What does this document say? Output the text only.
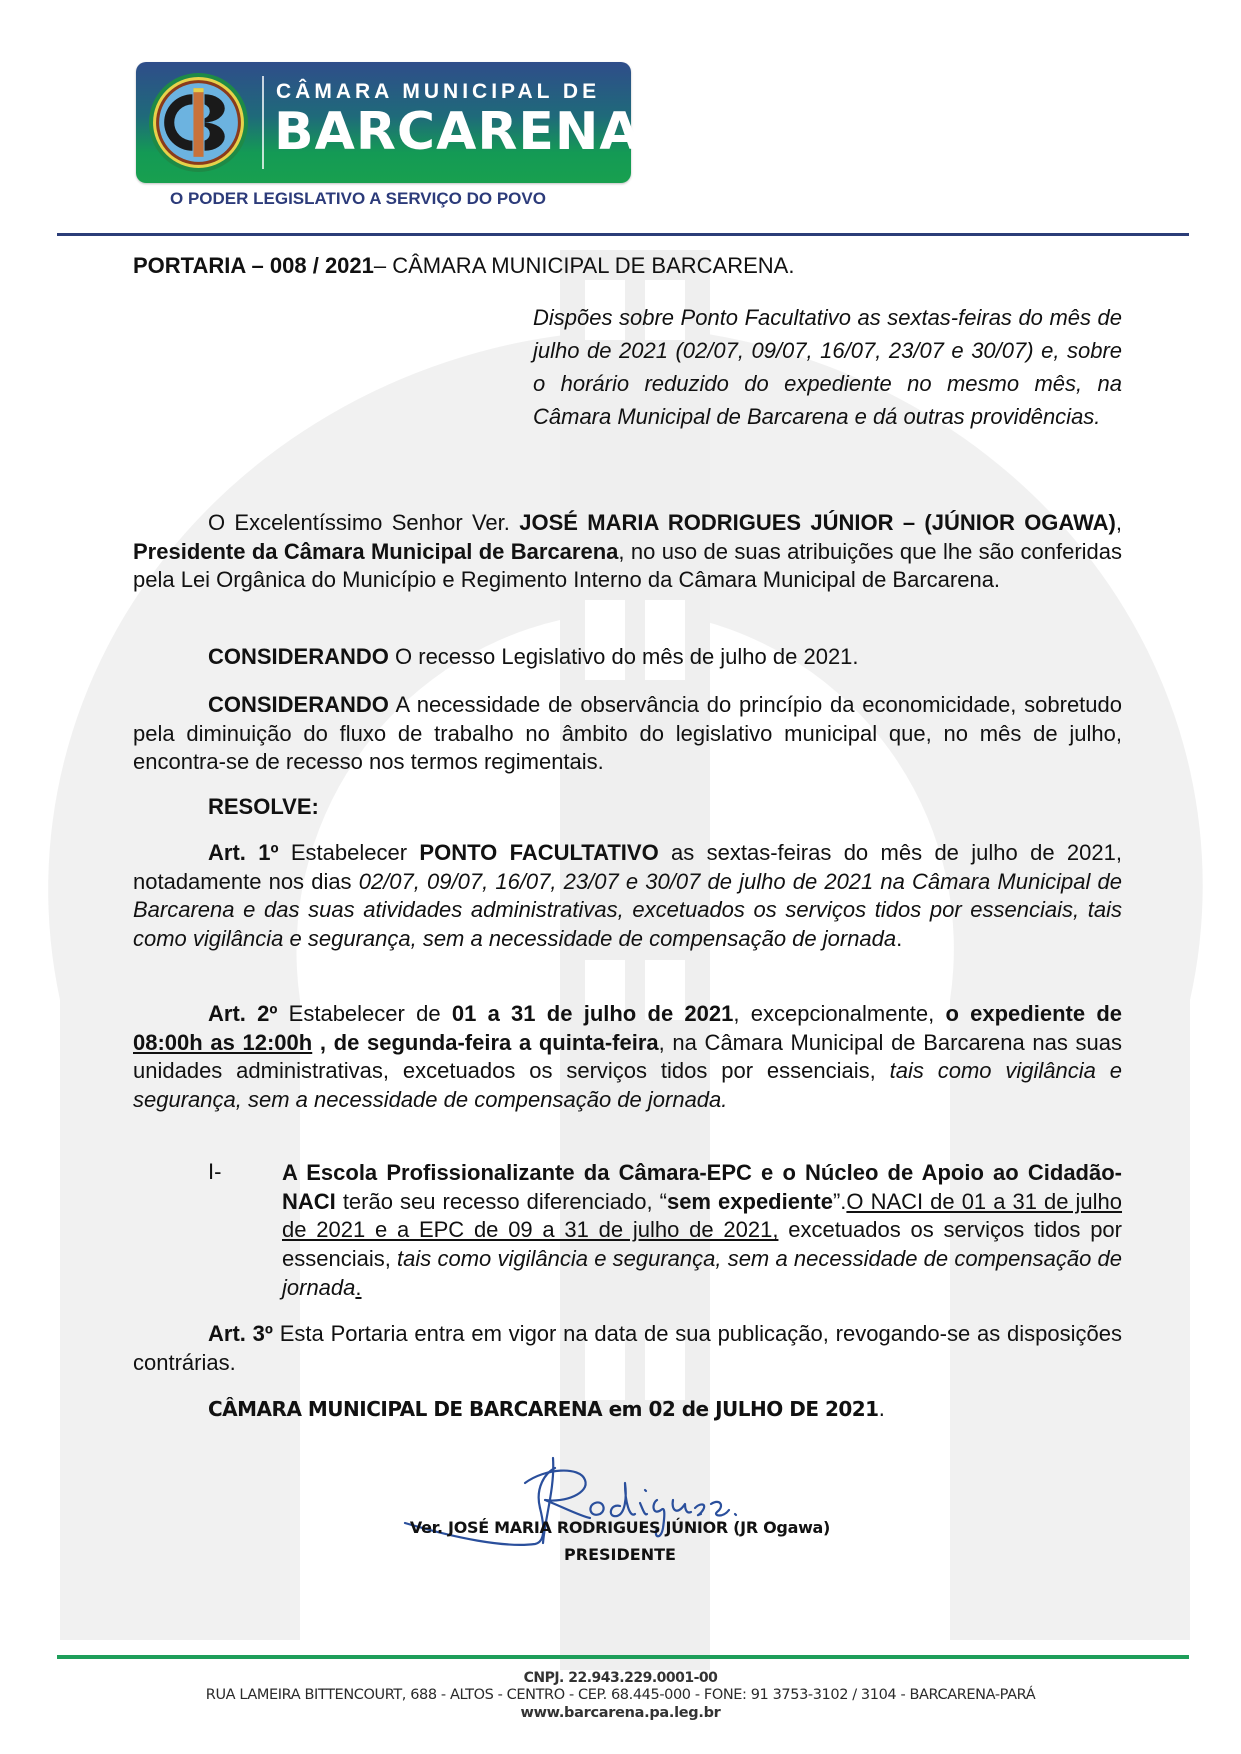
CÂMARA MUNICIPAL DE
BARCARENA
O PODER LEGISLATIVO A SERVIÇO DO POVO
PORTARIA – 008 / 2021– CÂMARA MUNICIPAL DE BARCARENA.
Dispões sobre Ponto Facultativo as sextas-feiras do mês de julho de 2021 (02/07, 09/07, 16/07, 23/07 e 30/07) e, sobre o horário reduzido do expediente no mesmo mês, na Câmara Municipal de Barcarena e dá outras providências.
O Excelentíssimo Senhor Ver. JOSÉ MARIA RODRIGUES JÚNIOR – (JÚNIOR OGAWA), Presidente da Câmara Municipal de Barcarena, no uso de suas atribuições que lhe são conferidas pela Lei Orgânica do Município e Regimento Interno da Câmara Municipal de Barcarena.
CONSIDERANDO O recesso Legislativo do mês de julho de 2021.
CONSIDERANDO A necessidade de observância do princípio da economicidade, sobretudo pela diminuição do fluxo de trabalho no âmbito do legislativo municipal que, no mês de julho, encontra-se de recesso nos termos regimentais.
RESOLVE:
Art. 1º Estabelecer PONTO FACULTATIVO as sextas-feiras do mês de julho de 2021, notadamente nos dias 02/07, 09/07, 16/07, 23/07 e 30/07 de julho de 2021 na Câmara Municipal de Barcarena e das suas atividades administrativas, excetuados os serviços tidos por essenciais, tais como vigilância e segurança, sem a necessidade de compensação de jornada.
Art. 2º Estabelecer de 01 a 31 de julho de 2021, excepcionalmente, o expediente de 08:00h as 12:00h , de segunda-feira a quinta-feira, na Câmara Municipal de Barcarena nas suas unidades administrativas, excetuados os serviços tidos por essenciais, tais como vigilância e segurança, sem a necessidade de compensação de jornada.
I-	A Escola Profissionalizante da Câmara-EPC e o Núcleo de Apoio ao Cidadão-NACI terão seu recesso diferenciado, “sem expediente”.O NACI de 01 a 31 de julho de 2021 e a EPC de 09 a 31 de julho de 2021, excetuados os serviços tidos por essenciais, tais como vigilância e segurança, sem a necessidade de compensação de jornada.
Art. 3º Esta Portaria entra em vigor na data de sua publicação, revogando-se as disposições contrárias.
CÂMARA MUNICIPAL DE BARCARENA em 02 de JULHO DE 2021.
Ver. JOSÉ MARIA RODRIGUES JÚNIOR (JR Ogawa)
PRESIDENTE
CNPJ. 22.943.229.0001-00
RUA LAMEIRA BITTENCOURT, 688 - ALTOS - CENTRO - CEP. 68.445-000 - FONE: 91 3753-3102 / 3104 - BARCARENA-PARÁ
www.barcarena.pa.leg.br
